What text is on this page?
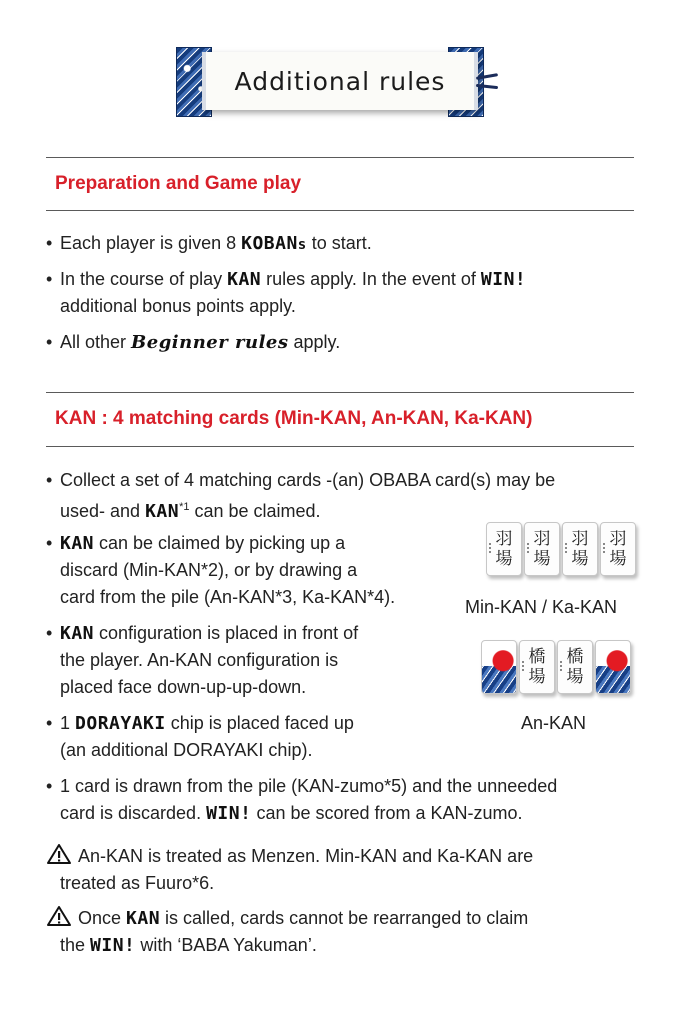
Additional rules
Preparation and Game play
• Each player is given 8 KOBANs to start.
• In the course of play KAN rules apply. In the event of WIN!
additional bonus points apply.
• All other Beginner rules apply.
KAN : 4 matching cards (Min-KAN, An-KAN, Ka-KAN)
• Collect a set of 4 matching cards -(an) OBABA card(s) may be
used- and KAN$^{*1}$ can be claimed.
• KAN can be claimed by picking up a
discard (Min-KAN*2), or by drawing a
card from the pile (An-KAN*3, Ka-KAN*4).
• KAN configuration is placed in front of
the player. An-KAN configuration is
placed face down-up-up-down.
• 1 DORAYAKI chip is placed faced up
(an additional DORAYAKI chip).
• 1 card is drawn from the pile (KAN-zumo*5) and the unneeded
card is discarded. WIN! can be scored from a KAN-zumo.
An-KAN is treated as Menzen. Min-KAN and Ka-KAN are
treated as Fuuro*6.
Once KAN is called, cards cannot be rearranged to claim
the WIN! with ‘BABA Yakuman’.
羽
場
羽
場
羽
場
羽
場
Min-KAN / Ka-KAN
橋
場
橋
場
An-KAN
